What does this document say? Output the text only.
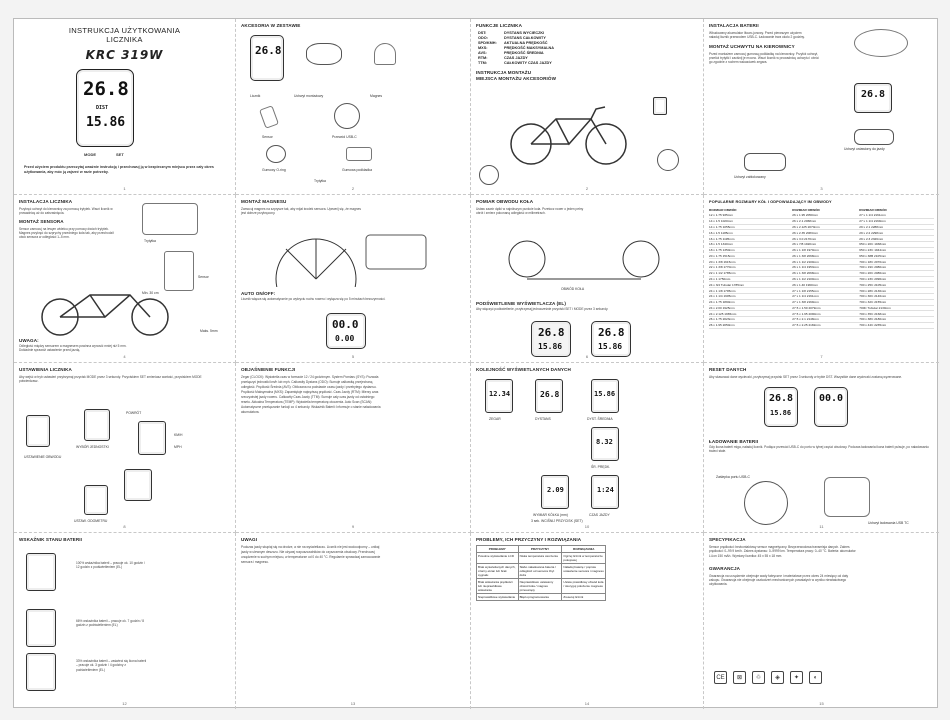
INSTRUKCJA UŻYTKOWANIA
LICZNIKA
KRC 319W
26.8
DIST
15.86
MODE	SET
Przed użyciem produktu przeczytaj uważnie instrukcję i przechowuj ją w bezpiecznym miejscu przez cały okres użytkowania, aby móc ją zajrzeć w razie potrzeby.
1
AKCESORIA W ZESTAWIE
26.8
Licznik	Uchwyt montażowy	Magnes
Sensor	Przewód USB-C
Gumowy O-ring	Gumowa podkładka
Trytytka
2
FUNKCJE LICZNIKA
DST:	DYSTANS WYCIECZKI
ODO:	DYSTANS CAŁKOWITY
SPD/KMH: AKTUALNA PRĘDKOŚĆ
MXS:	PRĘDKOŚĆ MAKSYMALNA
AVS:	PRĘDKOŚĆ ŚREDNIA
RTM:	CZAS JAZDY
TTM:	CAŁKOWITY CZAS JAZDY
INSTRUKCJA MONTAŻU
MIEJSCA MONTAŻU AKCESORIÓW
2
INSTALACJA BATERII
Wbudowany akumulator litowo-jonowy. Przed pierwszym użyciem naładuj licznik przewodem USB-C. Ładowanie trwa około 2 godziny.
MONTAŻ UCHWYTU NA KIEROWNICY
Przed montażem zamocuj gumową podkładkę na kierownicy. Przyłóż uchwyt, przełóż trytytki i zaciśnij je mocno. Wsuń licznik w prowadnicę uchwytu i obróć go zgodnie z ruchem wskazówek zegara.
26.8
Uchwyt ustawiony do jazdy
Uchwyt zablokowany
3
INSTALACJA LICZNIKA
Przykręć uchwyt do kierownicy za pomocą trytytek. Wsuń licznik w prowadnicę aż do zatrzaśnięcia.
Trytytka
MONTAŻ SENSORA
Sensor zamocuj na lewym widelcu przy pomocy dwóch trytytek. Magnes przykręć do szprychy przedniego koła tak, aby przechodził obok sensora w odległości 1–5 mm.
Sensor
Min. 30 cm
Maks. 5mm
UWAGA:
Odległość między sensorem a magnesem powinna wynosić mniej niż 5 mm. Dokładnie sprawdź ustawienie przed jazdą.
4
MONTAŻ MAGNESU
Zamocuj magnes na szprysze tak, aby mijał środek sensora. Upewnij się, że magnes jest dobrze przykręcony.
AUTO ON/OFF:
Licznik włącza się automatycznie po wykryciu ruchu roweru i wyłącza się po 5 minutach bezczynności.
00.0
0.00
5
POMIAR OBWODU KOŁA
Ustaw zawór dętki w najniższym punkcie koła. Przetocz rower o jeden pełny obrót i zmierz pokonaną odległość w milimetrach.
OBWÓD KOŁA
PODŚWIETLENIE WYŚWIETLACZA (EL)
Aby włączyć podświetlenie, przytrzymaj jednocześnie przyciski SET i MODE przez 3 sekundy.
26.8
15.86
26.8
15.86
6
POPULARNE ROZMIARY KÓŁ I ODPOWIADAJĄCY IM OBWODY
ROZMIAR OBWÓD	ROZMIAR OBWÓD	ROZMIAR OBWÓD
12 x 1.75 935mm	26 x 1.95 2050mm	27 x 1 1/4 2161mm
14 x 1.5 1020mm	26 x 2.1 2068mm	27 x 1 1/4 2169mm
14 x 1.75 1055mm	26 x 2.125 2070mm	29 x 2.1 2288mm
16 x 1.5 1185mm	26 x 2.35 2083mm	29 x 2.2 2298mm
16 x 1.75 1195mm	26 x 3.0 2170mm	29 x 2.3 2326mm
18 x 1.5 1340mm	26 x 7/8 1920mm	650 x 20C 1938mm
18 x 1.75 1350mm	26 x 1 1/8 1970mm	650 x 23C 1944mm
20 x 1.75 1515mm	26 x 1 3/8 2068mm	650 x 38B 2105mm
20 x 1 3/8 1615mm	26 x 1 1/2 2100mm	700 x 18C 2070mm
22 x 1 3/8 1770mm	26 x 1 1/4 1953mm	700 x 19C 2080mm
22 x 1 1/2 1785mm	26 x 1 3/8 2068mm	700 x 20C 2086mm
24 x 1 1750mm	26 x 1 1/2 2100mm	700 x 23C 2096mm
24 x 3/4 Tubular 1785mm	26 x 1.40 1960mm	700 x 25C 2105mm
24 x 1 1/8 1795mm	27 x 1 1/8 2155mm	700 x 28C 2136mm
24 x 1 1/4 1905mm	27 x 1 1/4 2161mm	700 x 30C 2146mm
24 x 1.75 1890mm	27 x 1 3/8 2169mm	700 x 32C 2155mm
24 x 2.00 1925mm	27.5 x 1.50 2079mm	700C Tubular 2130mm
24 x 2.125 1965mm	27.5 x 1.95 2090mm	700 x 35C 2168mm
26 x 1.75 2023mm	27.5 x 2.1 2148mm	700 x 38C 2180mm
26 x 1.95 2050mm	27.5 x 2.25 2182mm	700 x 44C 2235mm
7
USTAWIENIA LICZNIKA
Aby wejść w tryb ustawień przytrzymaj przycisk MODE przez 3 sekundy. Przyciskiem SET zmieniasz wartość, przyciskiem MODE potwierdzasz.
POWRÓT
WYBÓR JEDNOSTKI
USTAWIENIE OBWODU
KM/H
MPH
USTAW. ODOMETRU
8
OBJAŚNIENIE FUNKCJI
Zegar (CLOCK): Wyświetla czas w formacie 12 / 24 godzinnym. System Pomiaru (SYS): Pozwala przełączyć jednostki km/h lub mph. Całkowity Dystans (ODO): Sumuje całkowitą przejechaną odległość. Prędkość Średnia (AVS): Obliczana na podstawie czasu jazdy i przebytego dystansu. Prędkość Maksymalna (MXS): Zapamiętuje najwyższą prędkość. Czas Jazdy (RTM): Mierzy czas rzeczywistej jazdy roweru. Całkowity Czas Jazdy (TTM): Sumuje cały czas jazdy od ostatniego resetu. Aktualna Temperatura (TEMP): Wyświetla temperaturę otoczenia. Auto Scan (SCAN): Automatyczne przełączanie funkcji co 4 sekundy. Wskaźnik Baterii: Informuje o stanie naładowania akumulatora.
9
KOLEJNOŚĆ WYŚWIETLANYCH DANYCH
12.34	26.8	15.86
ZEGAR	DYSTANS	DYST. ŚREDNIA
8.32
ŚR. PRĘDK.
1:24
CZAS JAZDY
2.09
WYMIAR KÓŁKA (mm)
3 sek. WCIŚNIJ PRZYCISK (SET)
10
RESET DANYCH
Aby skasować dane wycieczki, przytrzymaj przycisk SET przez 3 sekundy w trybie DST. Wszystkie dane wycieczki zostaną wyzerowane.
26.8
15.86
00.0
ŁADOWANIE BATERII
Gdy ikona baterii miga, naładuj licznik. Podłącz przewód USB-C do portu w tylnej części obudowy. Podczas ładowania ikona baterii pulsuje, po naładowaniu świeci stale.
Zaślepka portu USB-C
Uchwyt ładowania USB TC
11
WSKAŹNIK STANU BATERII
100% wskaźnika baterii – pracuje ok. 10 godzin / 12 godzin z podświetleniem (EL)
66% wskaźnika baterii – pracuje ok. 7 godzin / 8 godzin z podświetleniem (EL)
33% wskaźnika baterii – zaświeci się ikona baterii – pracuje ok. 3 godzin / 4 godziny z podświetleniem (EL)
12
UWAGI
Podczas jazdy skupiaj się na drodze, a nie na wyświetlaczu. Licznik nie jest wodoodporny – unikaj jazdy w ulewnym deszczu. Nie używaj rozpuszczalników do czyszczenia obudowy. Przechowuj urządzenie w suchym miejscu, w temperaturze od 0 do 40 °C. Regularnie sprawdzaj zamocowanie sensora i magnesu.
13
PROBLEMY, ICH PRZYCZYNY I ROZWIĄZANIA
PROBLEMY	PRZYCZYNY	ROZWIĄZANIA
Powolne wyświetlanie LCD	Niska temperatura otoczenia	Ogrzej licznik w temperaturze pokojowej
Brak wyświetlanych danych, czarny ekran lub brak sygnału	Słabo naładowana bateria / odległość od sensora zbyt duża	Naładuj baterię / popraw ustawienie sensora i magnesu
Brak wskazania prędkości lub nieprawidłowe wskazanie	Nieprawidłowo ustawiony obwód koła / magnes przesunięty	Ustaw prawidłowy obwód koła / skoryguj położenie magnesu
Nieprawidłowe wyświetlanie	Błąd oprogramowania	Zresetuj licznik
14
SPECYFIKACJA
Sensor prędkości: bezkontaktowy sensor magnetyczny. Bezprzewodowa transmisja danych. Zakres prędkości: 0–99.9 km/h. Zakres dystansu: 0–9999 km. Temperatura pracy: 0–40 °C. Bateria: akumulator Li-ion 150 mAh. Wymiary licznika: 45 x 55 x 18 mm.
GWARANCJA
Gwarancja na urządzenie obejmuje wady fabryczne i materiałowe przez okres 24 miesięcy od daty zakupu. Gwarancja nie obejmuje uszkodzeń mechanicznych powstałych w wyniku niewłaściwego użytkowania.
CE	⊠	♲	◈	✦	◐
15
